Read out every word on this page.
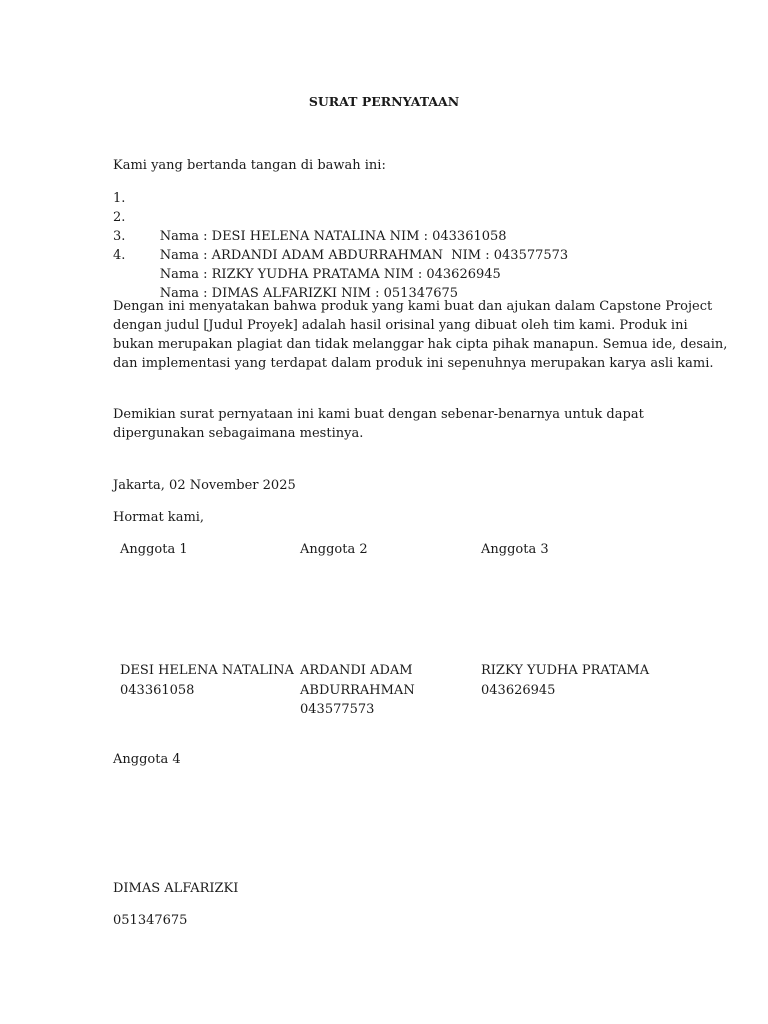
SURAT PERNYATAAN
Kami yang bertanda tangan di bawah ini:

1.

Nama : DESI HELENA NATALINA NIM : 043361058

2.

Nama : ARDANDI ADAM ABDURRAHMAN  NIM : 043577573

3.

Nama : RIZKY YUDHA PRATAMA NIM : 043626945

4.

Nama : DIMAS ALFARIZKI NIM : 051347675

Dengan ini menyatakan bahwa produk yang kami buat dan ajukan dalam Capstone Project
dengan judul [Judul Proyek] adalah hasil orisinal yang dibuat oleh tim kami. Produk ini
bukan merupakan plagiat dan tidak melanggar hak cipta pihak manapun. Semua ide, desain,
dan implementasi yang terdapat dalam produk ini sepenuhnya merupakan karya asli kami.
Demikian surat pernyataan ini kami buat dengan sebenar-benarnya untuk dapat
dipergunakan sebagaimana mestinya.
Jakarta, 02 November 2025
Hormat kami,
Anggota 1	Anggota 2	Anggota 3
DESI HELENA NATALINA
043361058
ARDANDI ADAM
ABDURRAHMAN
043577573
RIZKY YUDHA PRATAMA
043626945
Anggota 4
DIMAS ALFARIZKI
051347675
